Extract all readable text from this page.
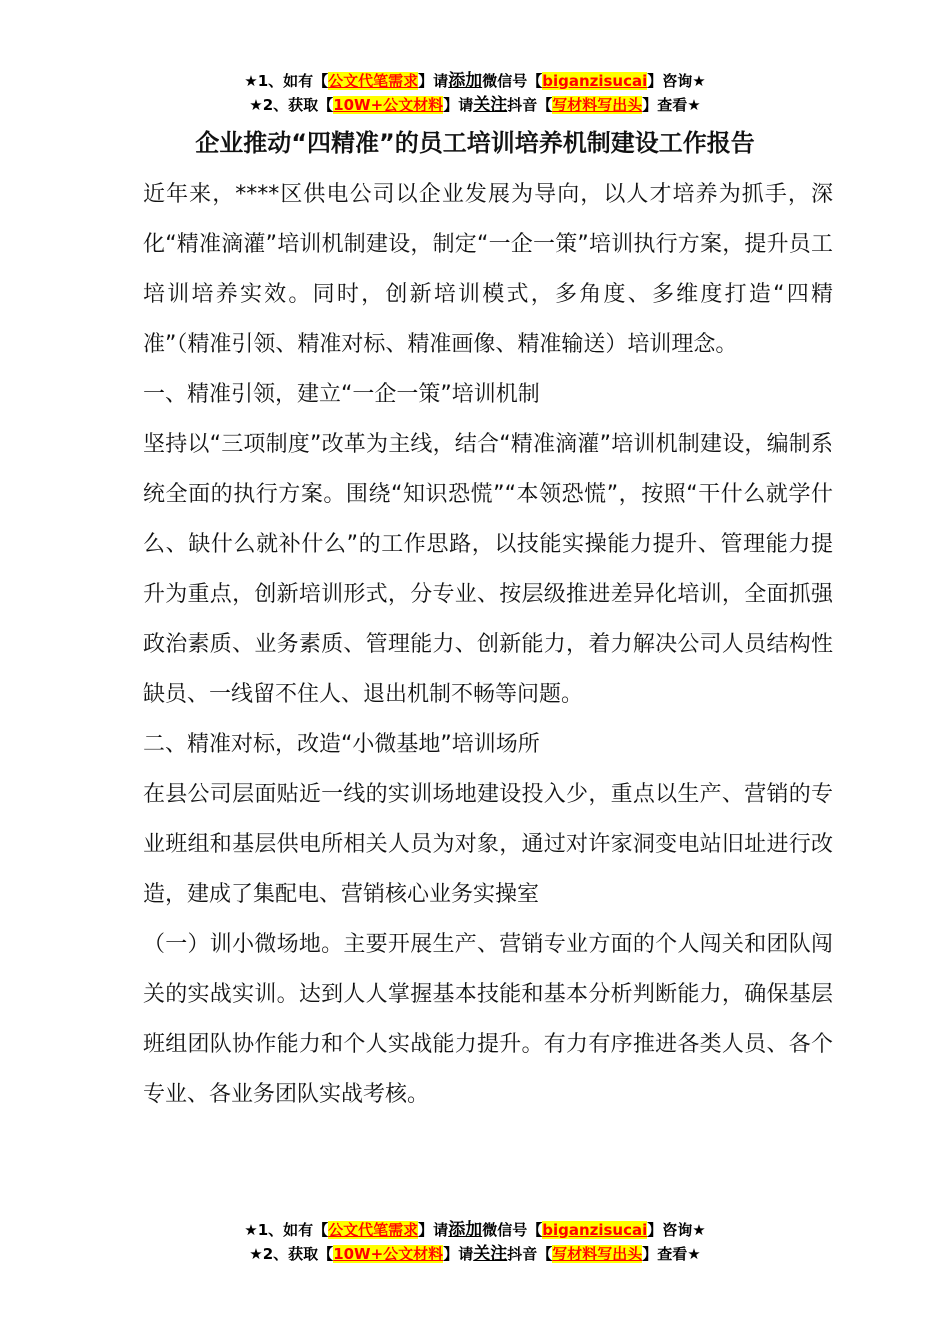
★1、如有【公文代笔需求】请添加微信号【biganzisucai】咨询★
★2、获取【10W+公文材料】请关注抖音【写材料写出头】查看★
企业推动“四精准”的员工培训培养机制建设工作报告

近年来，****区供电公司以企业发展为导向，以人才培养为抓手，深化“精准滴灌”培训机制建设，制定“一企一策”培训执行方案，提升员工培训培养实效。同时，创新培训模式，多角度、多维度打造“四精准”（精准引领、精准对标、精准画像、精准输送）培训理念。

一、精准引领，建立“一企一策”培训机制

坚持以“三项制度”改革为主线，结合“精准滴灌”培训机制建设，编制系统全面的执行方案。围绕“知识恐慌”“本领恐慌”，按照“干什么就学什么、缺什么就补什么”的工作思路，以技能实操能力提升、管理能力提升为重点，创新培训形式，分专业、按层级推进差异化培训，全面抓强政治素质、业务素质、管理能力、创新能力，着力解决公司人员结构性缺员、一线留不住人、退出机制不畅等问题。

二、精准对标，改造“小微基地”培训场所

在县公司层面贴近一线的实训场地建设投入少，重点以生产、营销的专业班组和基层供电所相关人员为对象，通过对许家洞变电站旧址进行改造，建成了集配电、营销核心业务实操室

（一）训小微场地。主要开展生产、营销专业方面的个人闯关和团队闯关的实战实训。达到人人掌握基本技能和基本分析判断能力，确保基层班组团队协作能力和个人实战能力提升。有力有序推进各类人员、各个专业、各业务团队实战考核。

★1、如有【公文代笔需求】请添加微信号【biganzisucai】咨询★
★2、获取【10W+公文材料】请关注抖音【写材料写出头】查看★
